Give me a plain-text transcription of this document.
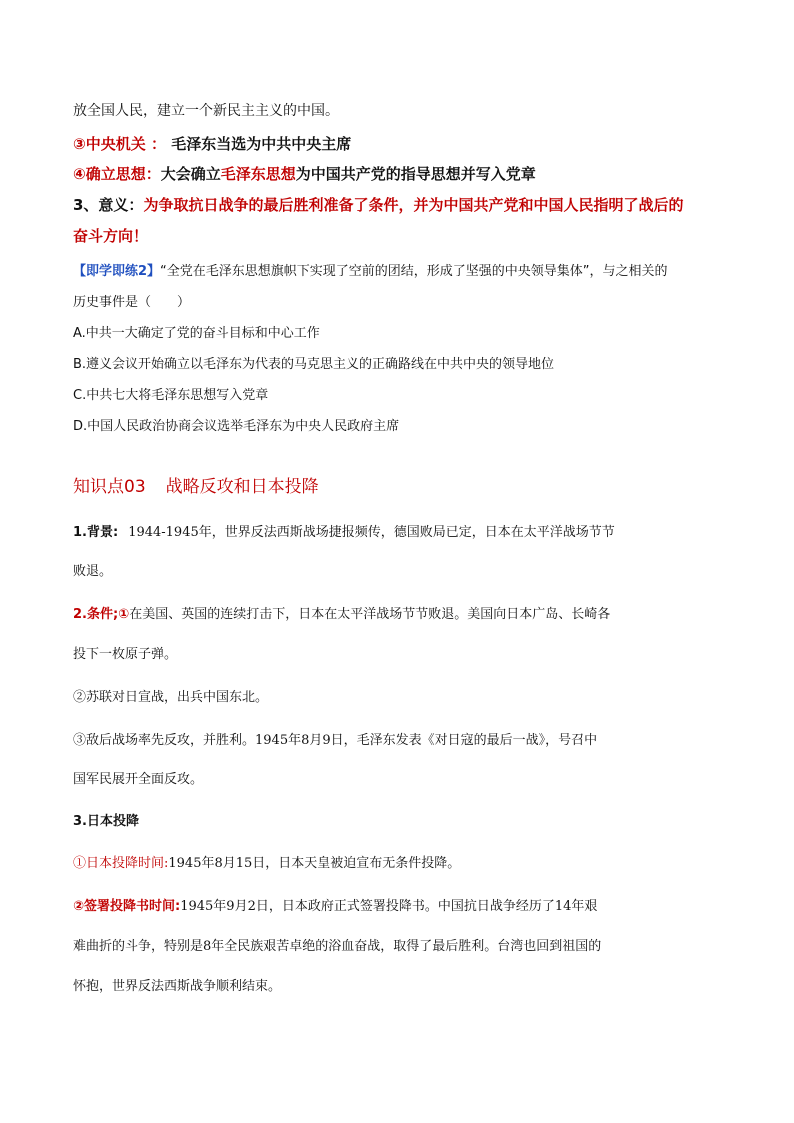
放全国人民，建立一个新民主主义的中国。
③中央机关 ： 毛泽东当选为中共中央主席
④确立思想：大会确立毛泽东思想为中国共产党的指导思想并写入党章
3、意义：为争取抗日战争的最后胜利准备了条件，并为中国共产党和中国人民指明了战后的
奋斗方向！
【即学即练2】“全党在毛泽东思想旗帜下实现了空前的团结，形成了坚强的中央领导集体”，与之相关的
历史事件是（　　）
A.中共一大确定了党的奋斗目标和中心工作
B.遵义会议开始确立以毛泽东为代表的马克思主义的正确路线在中共中央的领导地位
C.中共七大将毛泽东思想写入党章
D.中国人民政治协商会议选举毛泽东为中央人民政府主席
知识点03 战略反攻和日本投降
1.背景: 1944-1945年，世界反法西斯战场捷报频传，德国败局已定，日本在太平洋战场节节
败退。
2.条件;①在美国、英国的连续打击下，日本在太平洋战场节节败退。美国向日本广岛、长崎各
投下一枚原子弹。
②苏联对日宣战，出兵中国东北。
③敌后战场率先反攻，并胜利。1945年8月9日，毛泽东发表《对日寇的最后一战》，号召中
国军民展开全面反攻。
3.日本投降
①日本投降时间:1945年8月15日，日本天皇被迫宣布无条件投降。
②签署投降书时间:1945年9月2日，日本政府正式签署投降书。中国抗日战争经历了14年艰
难曲折的斗争，特别是8年全民族艰苦卓绝的浴血奋战，取得了最后胜利。台湾也回到祖国的
怀抱，世界反法西斯战争顺利结束。
